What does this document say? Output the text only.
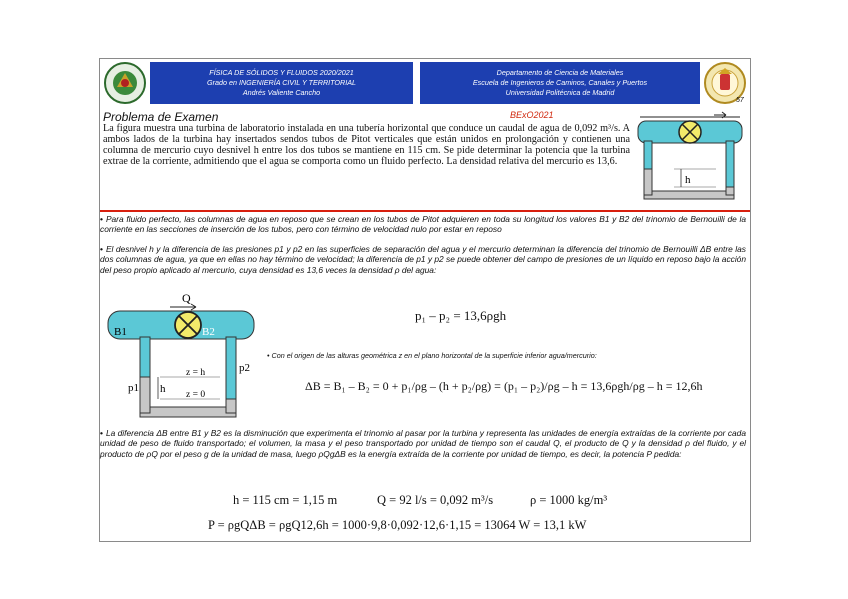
FÍSICA DE SÓLIDOS Y FLUIDOS 2020/2021
Grado en INGENIERÍA CIVIL Y TERRITORIAL
Andrés Valiente Cancho
Departamento de Ciencia de Materiales
Escuela de Ingenieros de Caminos, Canales y Puertos
Universidad Politécnica de Madrid
57
Problema de Examen	BExO2021
La figura muestra una turbina de laboratorio instalada en una tubería horizontal que conduce un caudal de agua de 0,092 m³/s. A ambos lados de la turbina hay insertados sendos tubos de Pitot verticales que están unidos en prolongación y contienen una columna de mercurio cuyo desnivel h entre los dos tubos se mantiene en 115 cm. Se pide determinar la potencia que la turbina extrae de la corriente, admitiendo que el agua se comporta como un fluido perfecto. La densidad relativa del mercurio es 13,6.
h
• Para fluido perfecto, las columnas de agua en reposo que se crean en los tubos de Pitot adquieren en toda su longitud los valores B1 y B2 del trinomio de Bernouilli de la corriente en las secciones de inserción de los tubos, pero con término de velocidad nulo por estar en reposo
• El desnivel h y la diferencia de las presiones p1 y p2 en las superficies de separación del agua y el mercurio determinan la diferencia del trinomio de Bernouilli ΔB entre las dos columnas de agua, ya que en ellas no hay término de velocidad; la diferencia de p1 y p2 se puede obtener del campo de presiones de un líquido en reposo bajo la acción del peso propio aplicado al mercurio, cuya densidad es 13,6 veces la densidad ρ del agua:
Q
B1	B2
z = h
z = 0
h
p1
p2
p₁ – p₂ = 13,6ρgh
• Con el origen de las alturas geométrica z en el plano horizontal de la superficie inferior agua/mercurio:
ΔB = B₁ – B₂ = 0 + p₁/ρg – (h + p₂/ρg) = (p₁ – p₂)/ρg – h = 13,6ρgh/ρg – h = 12,6h
• La diferencia ΔB entre B1 y B2 es la disminución que experimenta el trinomio al pasar por la turbina y representa las unidades de energía extraídas de la corriente por cada unidad de peso de fluido transportado; el volumen, la masa y el peso transportado por unidad de tiempo son el caudal Q, el producto de Q y la densidad ρ del fluido, y el producto de ρQ por el peso g de la unidad de masa, luego ρQgΔB es la energía extraída de la corriente por unidad de tiempo, es decir, la potencia P pedida:
h = 115 cm = 1,15 m	Q = 92 l/s = 0,092 m³/s	ρ = 1000 kg/m³
P = ρgQΔB = ρgQ12,6h = 1000·9,8·0,092·12,6·1,15 = 13064 W = 13,1 kW
